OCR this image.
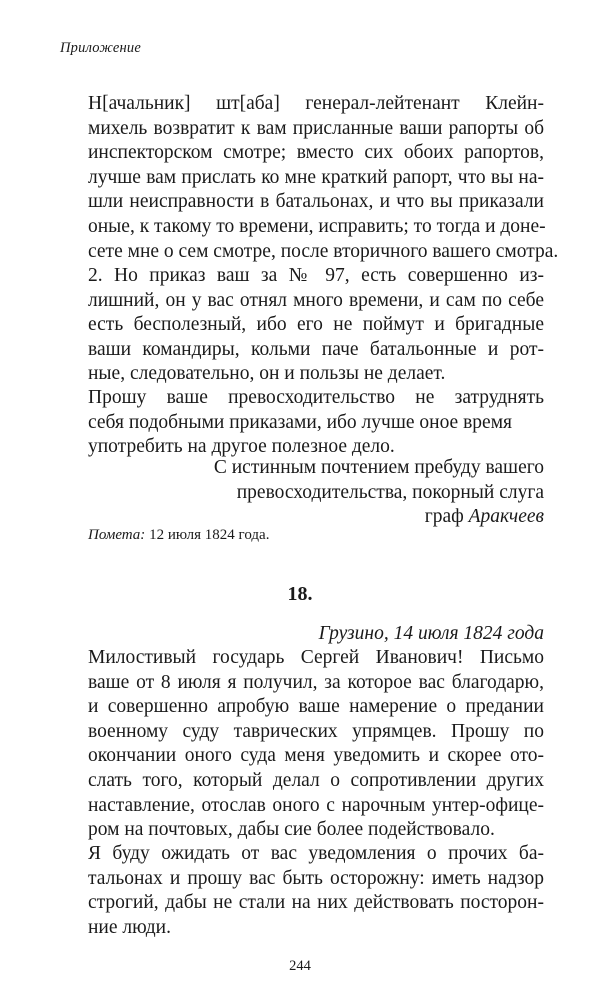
Приложение
Н[ачальник] шт[аба] генерал-лейтенант Клейн-
михель возвратит к вам присланные ваши рапорты об
инспекторском смотре; вместо сих обоих рапортов,
лучше вам прислать ко мне краткий рапорт, что вы на-
шли неисправности в батальонах, и что вы приказали
оные, к такому то времени, исправить; то тогда и доне-
сете мне о сем смотре, после вторичного вашего смотра.
2. Но приказ ваш за № 97, есть совершенно из-
лишний, он у вас отнял много времени, и сам по себе
есть бесполезный, ибо его не поймут и бригадные
ваши командиры, кольми паче батальонные и рот-
ные, следовательно, он и пользы не делает.
Прошу ваше превосходительство не затруднять
себя подобными приказами, ибо лучше оное время
употребить на другое полезное дело.
С истинным почтением пребуду вашего
превосходительства, покорный слуга
граф Аракчеев
Помета: 12 июля 1824 года.
18.
Грузино, 14 июля 1824 года
Милостивый государь Сергей Иванович! Письмо
ваше от 8 июля я получил, за которое вас благодарю,
и совершенно апробую ваше намерение о предании
военному суду таврических упрямцев. Прошу по
окончании оного суда меня уведомить и скорее ото-
слать того, который делал о сопротивлении других
наставление, отослав оного с нарочным унтер-офице-
ром на почтовых, дабы сие более подействовало.
Я буду ожидать от вас уведомления о прочих ба-
тальонах и прошу вас быть осторожну: иметь надзор
строгий, дабы не стали на них действовать посторон-
ние люди.
244
